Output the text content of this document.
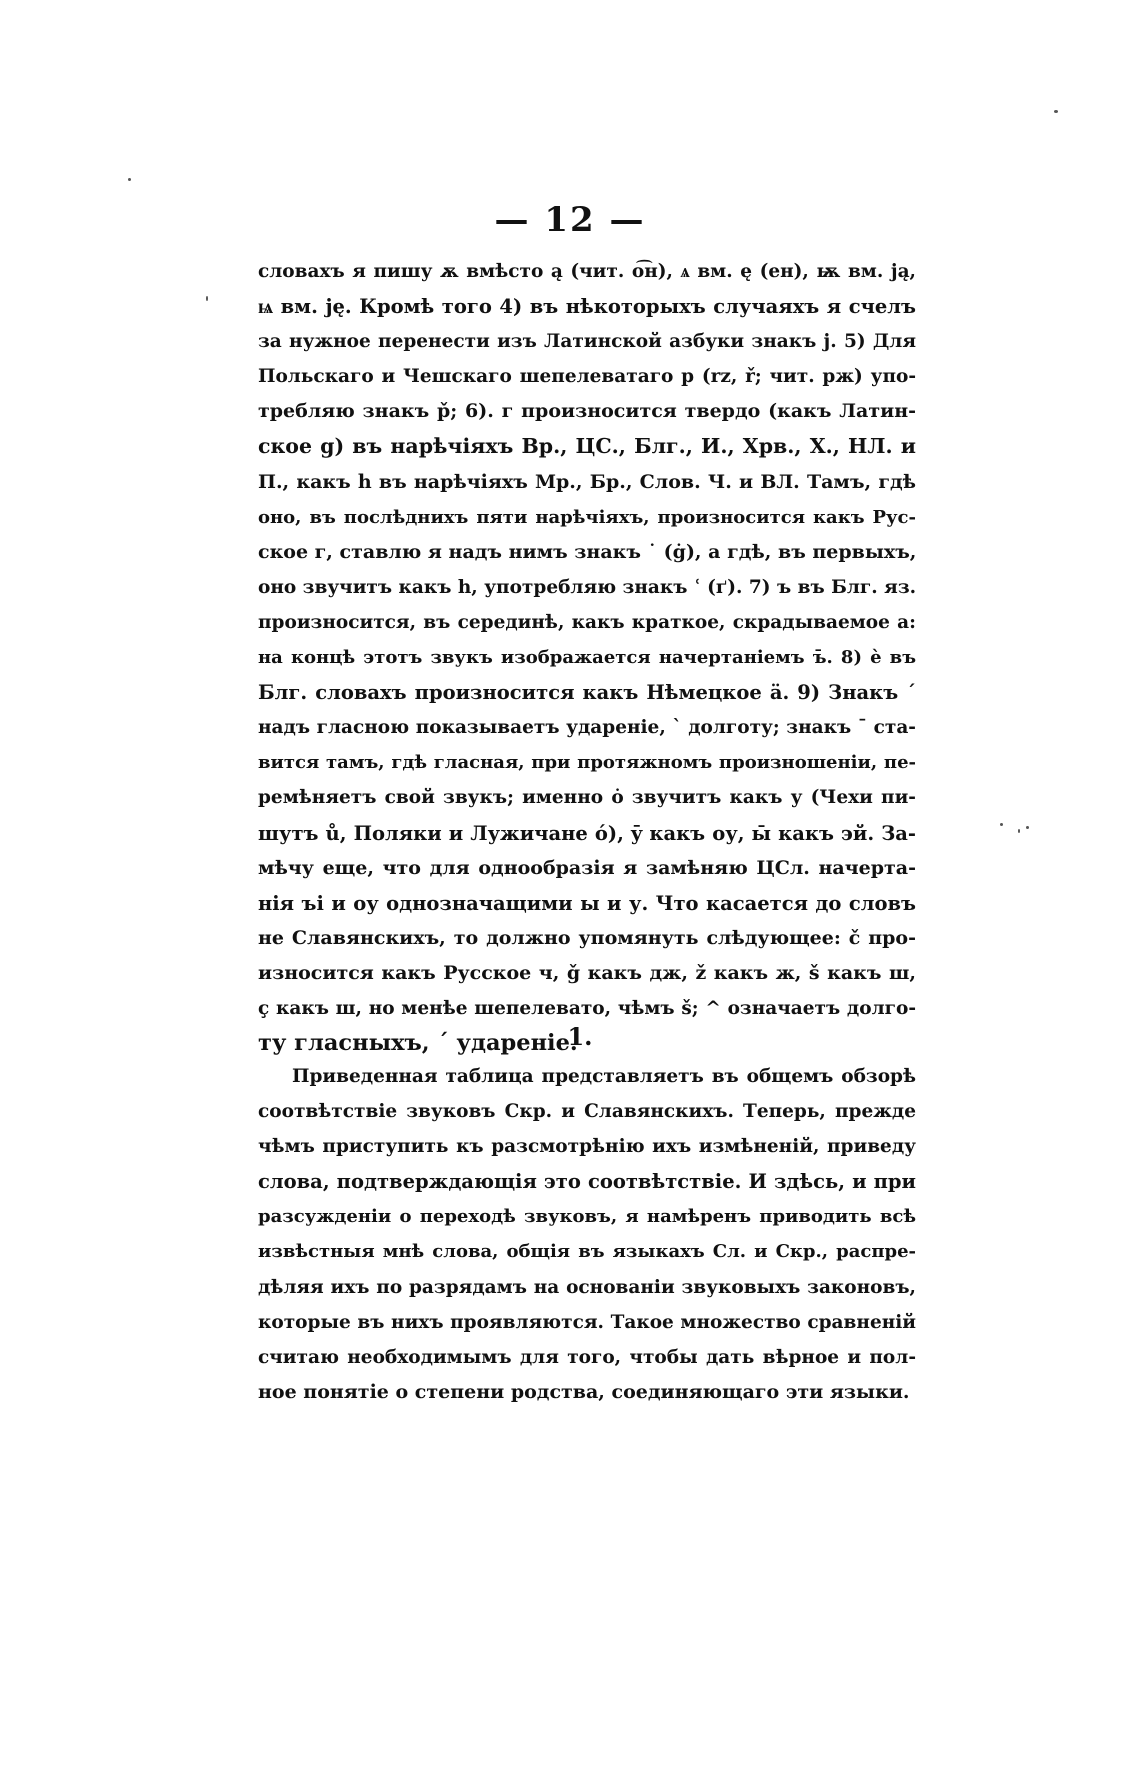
— 12 —
словахъ я пишу ѫ вмѣсто ą (чит. о͡н), ѧ вм. ę (ен), ѭ вм. ją,
ѩ вм. ję. Кромѣ того 4) въ нѣкоторыхъ случаяхъ я счелъ
за нужное перенести изъ Латинской азбуки знакъ j. 5) Для
Польскаго и Чешскаго шепелеватаго р (rz, ř; чит. рж) упо-
требляю знакъ р̌; 6). г произносится твердо (какъ Латин-
ское g) въ нарѣчіяхъ Вр., ЦС., Блг., И., Хрв., Х., НЛ. и
П., какъ h въ нарѣчіяхъ Мр., Бр., Слов. Ч. и ВЛ. Тамъ, гдѣ
оно, въ послѣднихъ пяти нарѣчіяхъ, произносится какъ Рус-
ское г, ставлю я надъ нимъ знакъ ˙ (ġ), а гдѣ, въ первыхъ,
оно звучитъ какъ h, употребляю знакъ ʿ (ґ). 7) ъ въ Блг. яз.
произносится, въ серединѣ, какъ краткое, скрадываемое а:
на концѣ этотъ звукъ изображается начертаніемъ ъ̄. 8) ѐ въ
Блг. словахъ произносится какъ Нѣмецкое ä. 9) Знакъ ´
надъ гласною показываетъ удареніе, ` долготу; знакъ ˉ ста-
вится тамъ, гдѣ гласная, при протяжномъ произношеніи, пе-
ремѣняетъ свой звукъ; именно ȯ звучитъ какъ у (Чехи пи-
шутъ ů, Поляки и Лужичане ó), ȳ какъ оу, ы̄ какъ эй. За-
мѣчу еще, что для однообразія я замѣняю ЦСл. начерта-
нія ъі и оу однозначащими ы и у. Что касается до словъ
не Славянскихъ, то должно упомянуть слѣдующее: č про-
износится какъ Русское ч, ǧ какъ дж, ž какъ ж, š какъ ш,
ç какъ ш, но менѣе шепелевато, чѣмъ š; ^ означаетъ долго-
ту гласныхъ, ´ удареніе.
1.
Приведенная таблица представляетъ въ общемъ обзорѣ
соотвѣтствіе звуковъ Скр. и Славянскихъ. Теперь, прежде
чѣмъ приступить къ разсмотрѣнію ихъ измѣненій, приведу
слова, подтверждающія это соотвѣтствіе. И здѣсь, и при
разсужденіи о переходѣ звуковъ, я намѣренъ приводить всѣ
извѣстныя мнѣ слова, общія въ языкахъ Сл. и Скр., распре-
дѣляя ихъ по разрядамъ на основаніи звуковыхъ законовъ,
которые въ нихъ проявляются. Такое множество сравненій
считаю необходимымъ для того, чтобы дать вѣрное и пол-
ное понятіе о степени родства, соединяющаго эти языки.
